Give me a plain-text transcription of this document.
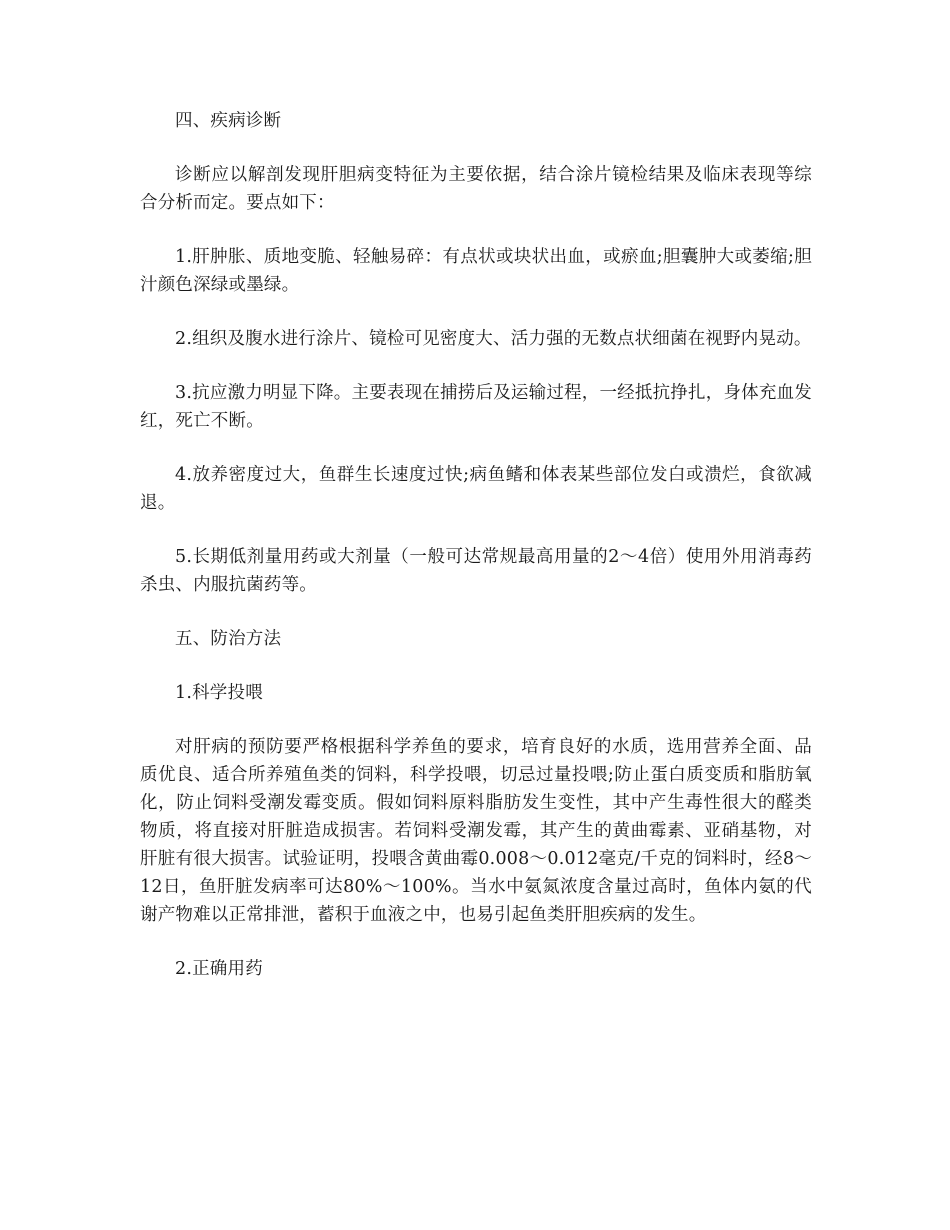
四、疾病诊断

诊断应以解剖发现肝胆病变特征为主要依据，结合涂片镜检结果及临床表现等综合分析而定。要点如下：

1.肝肿胀、质地变脆、轻触易碎：有点状或块状出血，或瘀血;胆囊肿大或萎缩;胆汁颜色深绿或墨绿。

2.组织及腹水进行涂片、镜检可见密度大、活力强的无数点状细菌在视野内晃动。

3.抗应激力明显下降。主要表现在捕捞后及运输过程，一经抵抗挣扎，身体充血发红，死亡不断。

4.放养密度过大，鱼群生长速度过快;病鱼鳍和体表某些部位发白或溃烂，食欲减退。

5.长期低剂量用药或大剂量（一般可达常规最高用量的2～4倍）使用外用消毒药杀虫、内服抗菌药等。

五、防治方法

1.科学投喂

对肝病的预防要严格根据科学养鱼的要求，培育良好的水质，选用营养全面、品质优良、适合所养殖鱼类的饲料，科学投喂，切忌过量投喂;防止蛋白质变质和脂肪氧化，防止饲料受潮发霉变质。假如饲料原料脂肪发生变性，其中产生毒性很大的醛类物质，将直接对肝脏造成损害。若饲料受潮发霉，其产生的黄曲霉素、亚硝基物，对肝脏有很大损害。试验证明，投喂含黄曲霉0.008～0.012毫克/千克的饲料时，经8～12日，鱼肝脏发病率可达80%～100%。当水中氨氮浓度含量过高时，鱼体内氨的代谢产物难以正常排泄，蓄积于血液之中，也易引起鱼类肝胆疾病的发生。

2.正确用药
